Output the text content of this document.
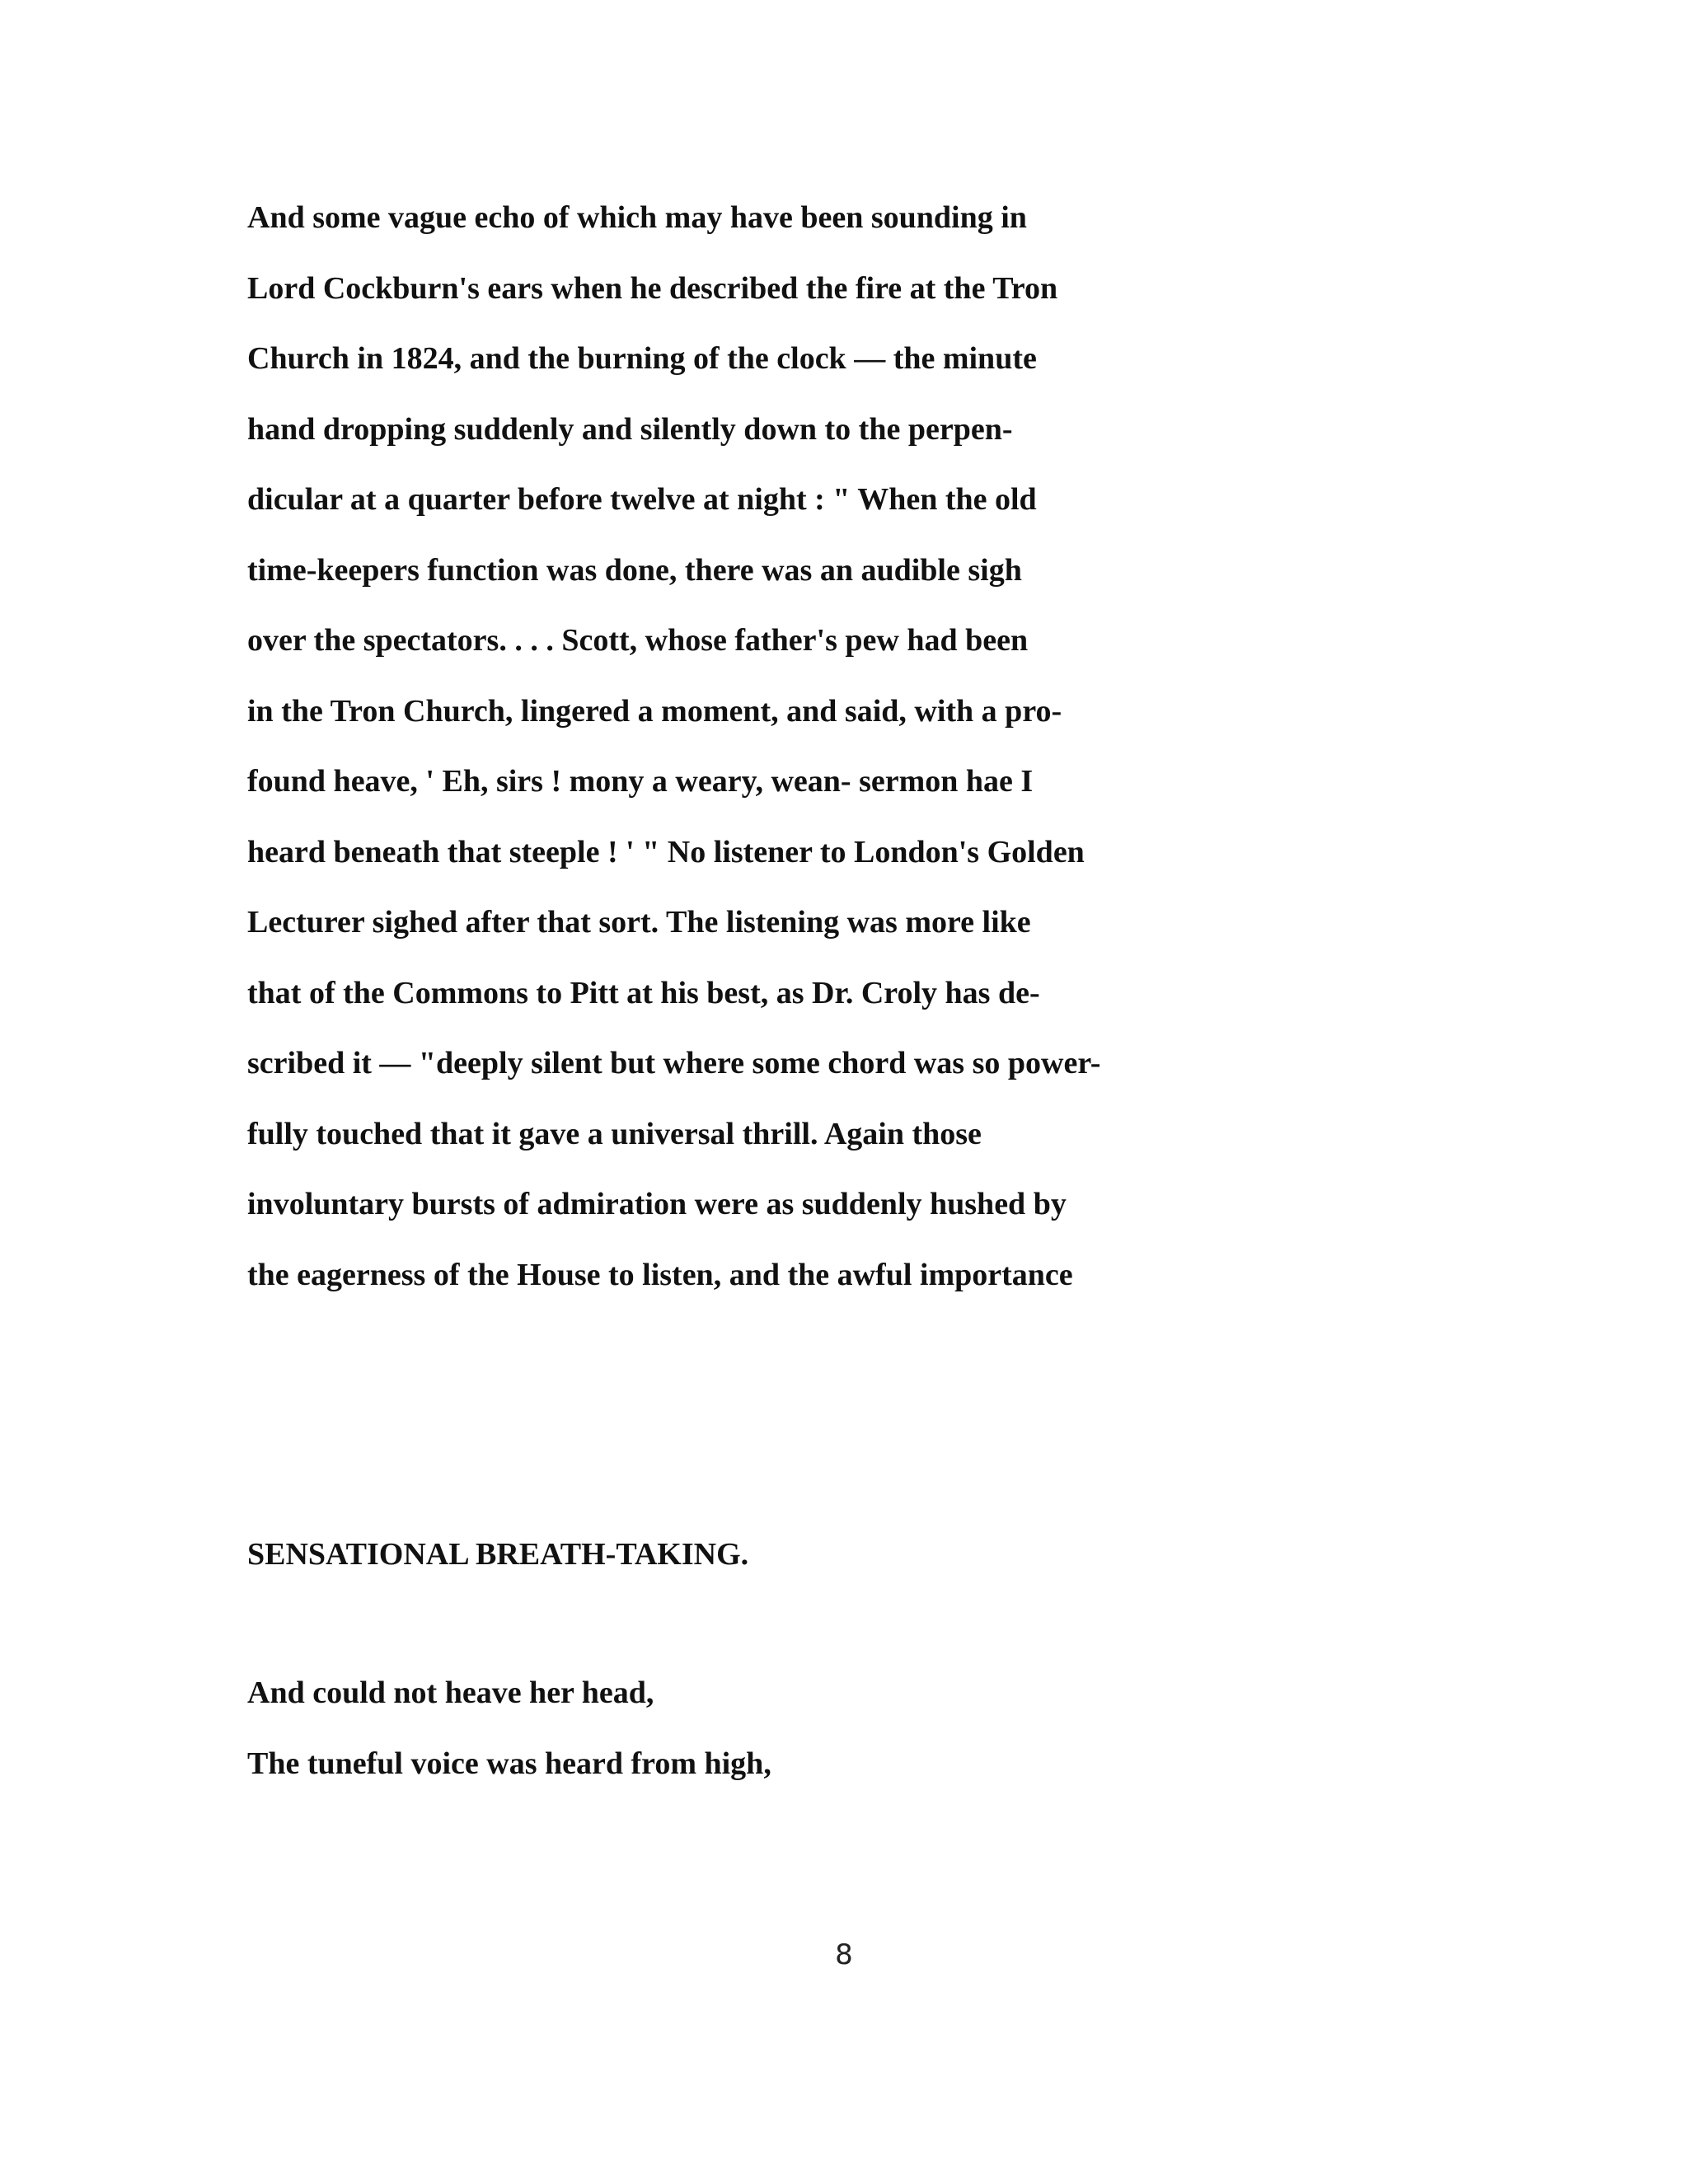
And some vague echo of which may have been sounding in
Lord Cockburn's ears when he described the fire at the Tron
Church in 1824, and the burning of the clock — the minute
hand dropping suddenly and silently down to the perpen-
dicular at a quarter before twelve at night : " When the old
time-keepers function was done, there was an audible sigh
over the spectators. . . . Scott, whose father's pew had been
in the Tron Church, lingered a moment, and said, with a pro-
found heave, ' Eh, sirs ! mony a weary, wean- sermon hae I
heard beneath that steeple ! ' " No listener to London's Golden
Lecturer sighed after that sort. The listening was more like
that of the Commons to Pitt at his best, as Dr. Croly has de-
scribed it — "deeply silent but where some chord was so power-
fully touched that it gave a universal thrill. Again those
involuntary bursts of admiration were as suddenly hushed by
the eagerness of the House to listen, and the awful importance
SENSATIONAL BREATH-TAKING.
And could not heave her head,
The tuneful voice was heard from high,
8
